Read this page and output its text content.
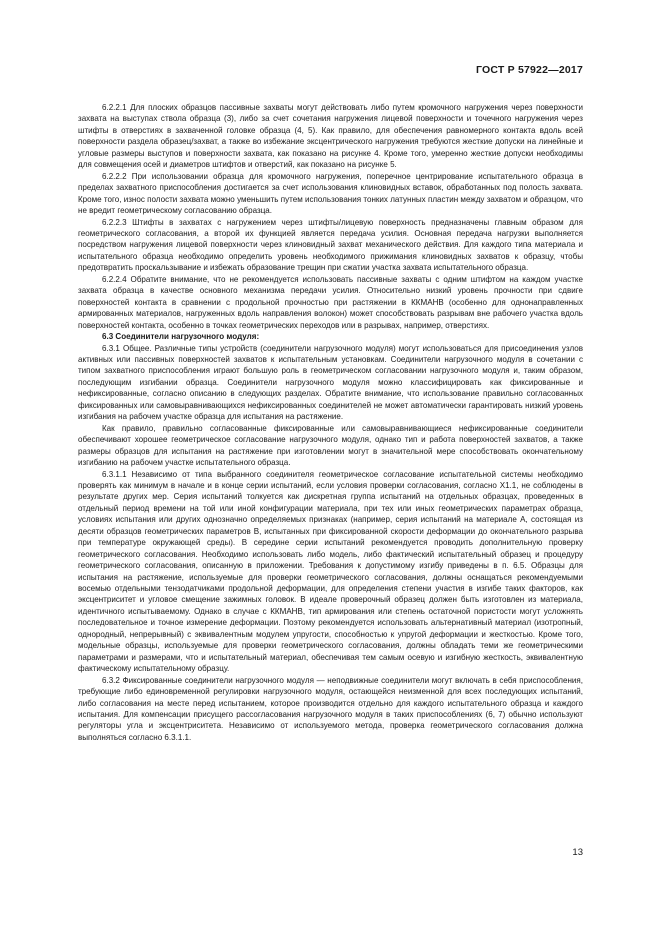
ГОСТ Р 57922—2017

6.2.2.1 Для плоских образцов пассивные захваты могут действовать либо путем кромочного нагружения через поверхности захвата на выступах ствола образца (3), либо за счет сочетания нагружения лицевой поверхности и точечного нагружения через штифты в отверстиях в захваченной головке образца (4, 5). Как правило, для обеспечения равномерного контакта вдоль всей поверхности раздела образец/захват, а также во избежание эксцентрического нагружения требуются жесткие допуски на линейные и угловые размеры выступов и поверхности захвата, как показано на рисунке 4. Кроме того, умеренно жесткие допуски необходимы для совмещения осей и диаметров штифтов и отверстий, как показано на рисунке 5.

6.2.2.2 При использовании образца для кромочного нагружения, поперечное центрирование испытательного образца в пределах захватного приспособления достигается за счет использования клиновидных вставок, обработанных под полость захвата. Кроме того, износ полости захвата можно уменьшить путем использования тонких латунных пластин между захватом и образцом, что не вредит геометрическому согласованию образца.

6.2.2.3 Штифты в захватах с нагружением через штифты/лицевую поверхность предназначены главным образом для геометрического согласования, а второй их функцией является передача усилия. Основная передача нагрузки выполняется посредством нагружения лицевой поверхности через клиновидный захват механического действия. Для каждого типа материала и испытательного образца необходимо определить уровень необходимого прижимания клиновидных захватов к образцу, чтобы предотвратить проскальзывание и избежать образование трещин при сжатии участка захвата испытательного образца.

6.2.2.4 Обратите внимание, что не рекомендуется использовать пассивные захваты с одним штифтом на каждом участке захвата образца в качестве основного механизма передачи усилия. Относительно низкий уровень прочности при сдвиге поверхностей контакта в сравнении с продольной прочностью при растяжении в ККМАНВ (особенно для однонаправленных армированных материалов, нагруженных вдоль направления волокон) может способствовать разрывам вне рабочего участка вдоль поверхностей контакта, особенно в точках геометрических переходов или в разрывах, например, отверстиях.

6.3 Соединители нагрузочного модуля:

6.3.1 Общее. Различные типы устройств (соединители нагрузочного модуля) могут использоваться для присоединения узлов активных или пассивных поверхностей захватов к испытательным установкам. Соединители нагрузочного модуля в сочетании с типом захватного приспособления играют большую роль в геометрическом согласовании нагрузочного модуля и, таким образом, последующим изгибании образца. Соединители нагрузочного модуля можно классифицировать как фиксированные и нефиксированные, согласно описанию в следующих разделах. Обратите внимание, что использование правильно согласованных фиксированных или самовыравнивающихся нефиксированных соединителей не может автоматически гарантировать низкий уровень изгибания на рабочем участке образца для испытания на растяжение.

Как правило, правильно согласованные фиксированные или самовыравнивающиеся нефиксированные соединители обеспечивают хорошее геометрическое согласование нагрузочного модуля, однако тип и работа поверхностей захватов, а также размеры образцов для испытания на растяжение при изготовлении могут в значительной мере способствовать окончательному изгибанию на рабочем участке испытательного образца.

6.3.1.1 Независимо от типа выбранного соединителя геометрическое согласование испытательной системы необходимо проверять как минимум в начале и в конце серии испытаний, если условия проверки согласования, согласно Х1.1, не соблюдены в результате других мер. Серия испытаний толкуется как дискретная группа испытаний на отдельных образцах, проведенных в отдельный период времени на той или иной конфигурации материала, при тех или иных геометрических параметрах образца, условиях испытания или других однозначно определяемых признаках (например, серия испытаний на материале А, состоящая из десяти образцов геометрических параметров В, испытанных при фиксированной скорости деформации до окончательного разрыва при температуре окружающей среды). В середине серии испытаний рекомендуется проводить дополнительную проверку геометрического согласования. Необходимо использовать либо модель, либо фактический испытательный образец и процедуру геометрического согласования, описанную в приложении. Требования к допустимому изгибу приведены в п. 6.5. Образцы для испытания на растяжение, используемые для проверки геометрического согласования, должны оснащаться рекомендуемыми восемью отдельными тензодатчиками продольной деформации, для определения степени участия в изгибе таких факторов, как эксцентриситет и угловое смещение зажимных головок. В идеале проверочный образец должен быть изготовлен из материала, идентичного испытываемому. Однако в случае с ККМАНВ, тип армирования или степень остаточной пористости могут усложнять последовательное и точное измерение деформации. Поэтому рекомендуется использовать альтернативный материал (изотропный, однородный, непрерывный) с эквивалентным модулем упругости, способностью к упругой деформации и жесткостью. Кроме того, модельные образцы, используемые для проверки геометрического согласования, должны обладать теми же геометрическими параметрами и размерами, что и испытательный материал, обеспечивая тем самым осевую и изгибную жесткость, эквивалентную фактическому испытательному образцу.

6.3.2 Фиксированные соединители нагрузочного модуля — неподвижные соединители могут включать в себя приспособления, требующие либо единовременной регулировки нагрузочного модуля, остающейся неизменной для всех последующих испытаний, либо согласования на месте перед испытанием, которое производится отдельно для каждого испытательного образца и каждого испытания. Для компенсации присущего рассогласования нагрузочного модуля в таких приспособлениях (6, 7) обычно используют регуляторы угла и эксцентриситета. Независимо от используемого метода, проверка геометрического согласования должна выполняться согласно 6.3.1.1.

13
